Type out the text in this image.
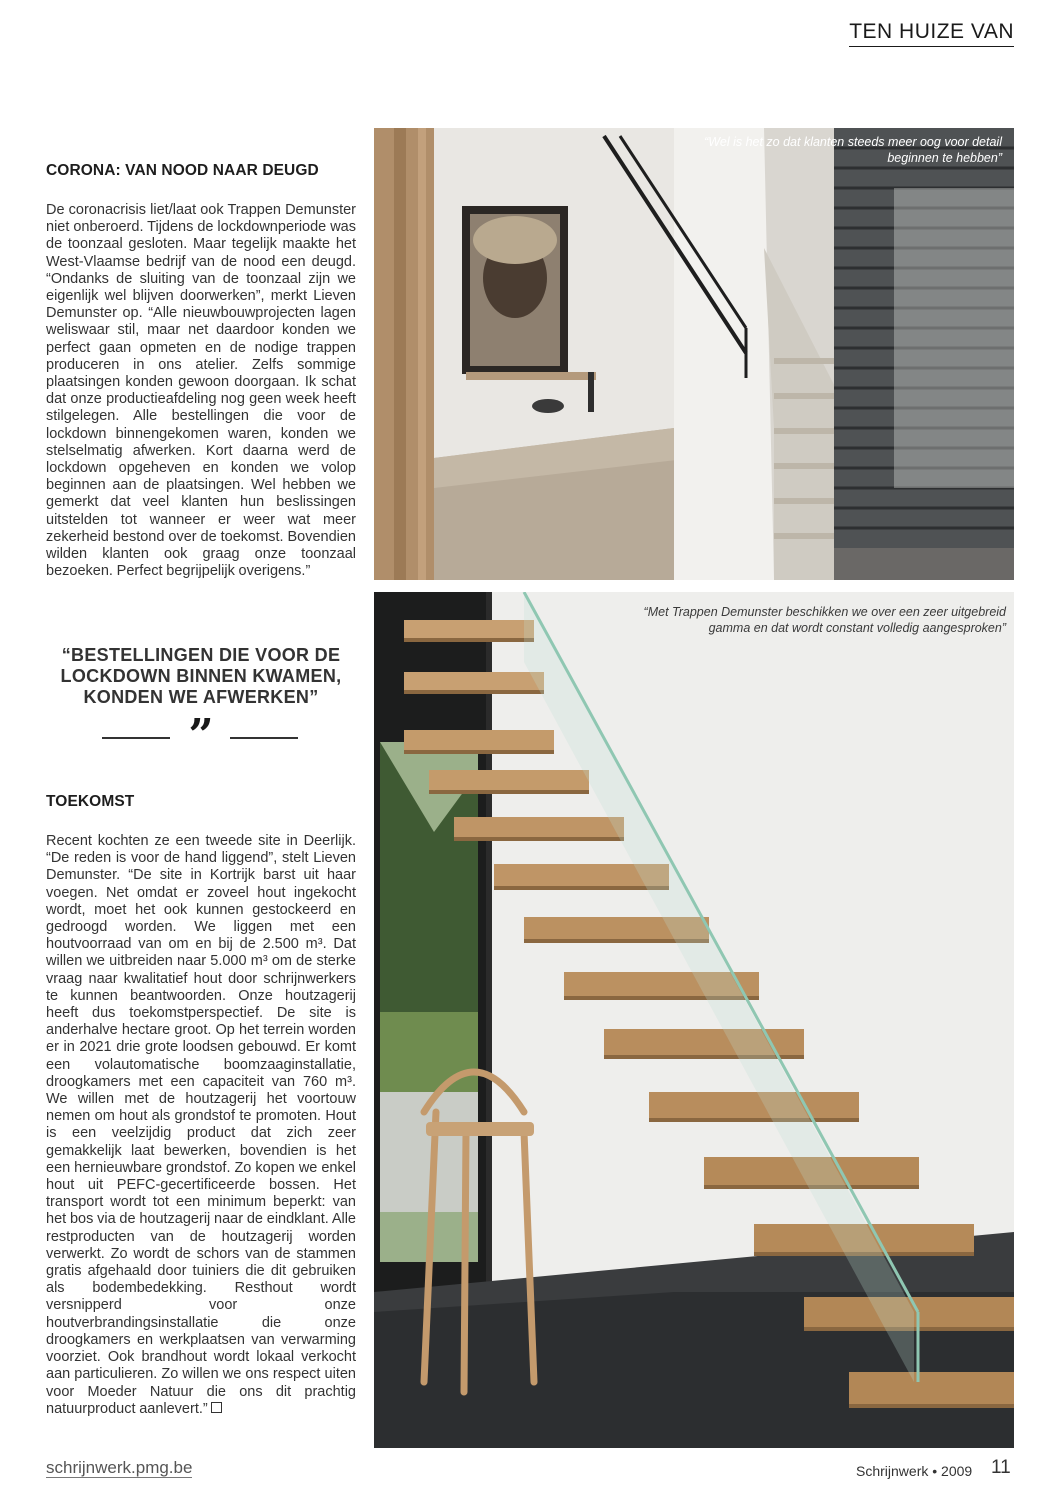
TEN HUIZE VAN
CORONA: VAN NOOD NAAR DEUGD

De coronacrisis liet/laat ook Trappen Demunster niet onberoerd. Tijdens de lockdownperiode was de toonzaal gesloten. Maar tegelijk maakte het West-Vlaamse bedrijf van de nood een deugd. “Ondanks de sluiting van de toonzaal zijn we eigenlijk wel blijven doorwerken”, merkt Lieven Demunster op. “Alle nieuwbouwprojecten lagen weliswaar stil, maar net daardoor konden we perfect gaan opmeten en de nodige trappen produceren in ons atelier. Zelfs sommige plaatsingen konden gewoon doorgaan. Ik schat dat onze productieafdeling nog geen week heeft stilgelegen. Alle bestellingen die voor de lockdown binnengekomen waren, konden we stelselmatig afwerken. Kort daarna werd de lockdown opgeheven en konden we volop beginnen aan de plaatsingen. Wel hebben we gemerkt dat veel klanten hun beslissingen uitstelden tot wanneer er weer wat meer zekerheid bestond over de toekomst. Bovendien wilden klanten ook graag onze toonzaal bezoeken. Perfect begrijpelijk overigens.”

“BESTELLINGEN DIE VOOR DE LOCKDOWN BINNEN KWAMEN, KONDEN WE AFWERKEN”
”
TOEKOMST

Recent kochten ze een tweede site in Deerlijk. “De reden is voor de hand liggend”, stelt Lieven Demunster. “De site in Kortrijk barst uit haar voegen. Net omdat er zoveel hout ingekocht wordt, moet het ook kunnen gestockeerd en gedroogd worden. We liggen met een houtvoorraad van om en bij de 2.500 m³. Dat willen we uitbreiden naar 5.000 m³ om de sterke vraag naar kwalitatief hout door schrijnwerkers te kunnen beantwoorden. Onze houtzagerij heeft dus toekomstperspectief. De site is anderhalve hectare groot. Op het terrein worden er in 2021 drie grote loodsen gebouwd. Er komt een volautomatische boomzaaginstallatie, droogkamers met een capaciteit van 760 m³. We willen met de houtzagerij het voortouw nemen om hout als grondstof te promoten. Hout is een veelzijdig product dat zich zeer gemakkelijk laat bewerken, bovendien is het een hernieuwbare grondstof. Zo kopen we enkel hout uit PEFC-gecertificeerde bossen. Het transport wordt tot een minimum beperkt: van het bos via de houtzagerij naar de eindklant. Alle restproducten van de houtzagerij worden verwerkt. Zo wordt de schors van de stammen gratis afgehaald door tuiniers die dit gebruiken als bodembedekking. Resthout wordt versnipperd voor onze houtverbrandingsinstallatie die onze droogkamers en werkplaatsen van verwarming voorziet. Ook brandhout wordt lokaal verkocht aan particulieren. Zo willen we ons respect uiten voor Moeder Natuur die ons dit prachtig natuurproduct aanlevert.”

“Wel is het zo dat klanten steeds meer oog voor detail beginnen te hebben”
“Met Trappen Demunster beschikken we over een zeer uitgebreid gamma en dat wordt constant volledig aangesproken”
schrijnwerk.pmg.be	Schrijnwerk • 2009 11
